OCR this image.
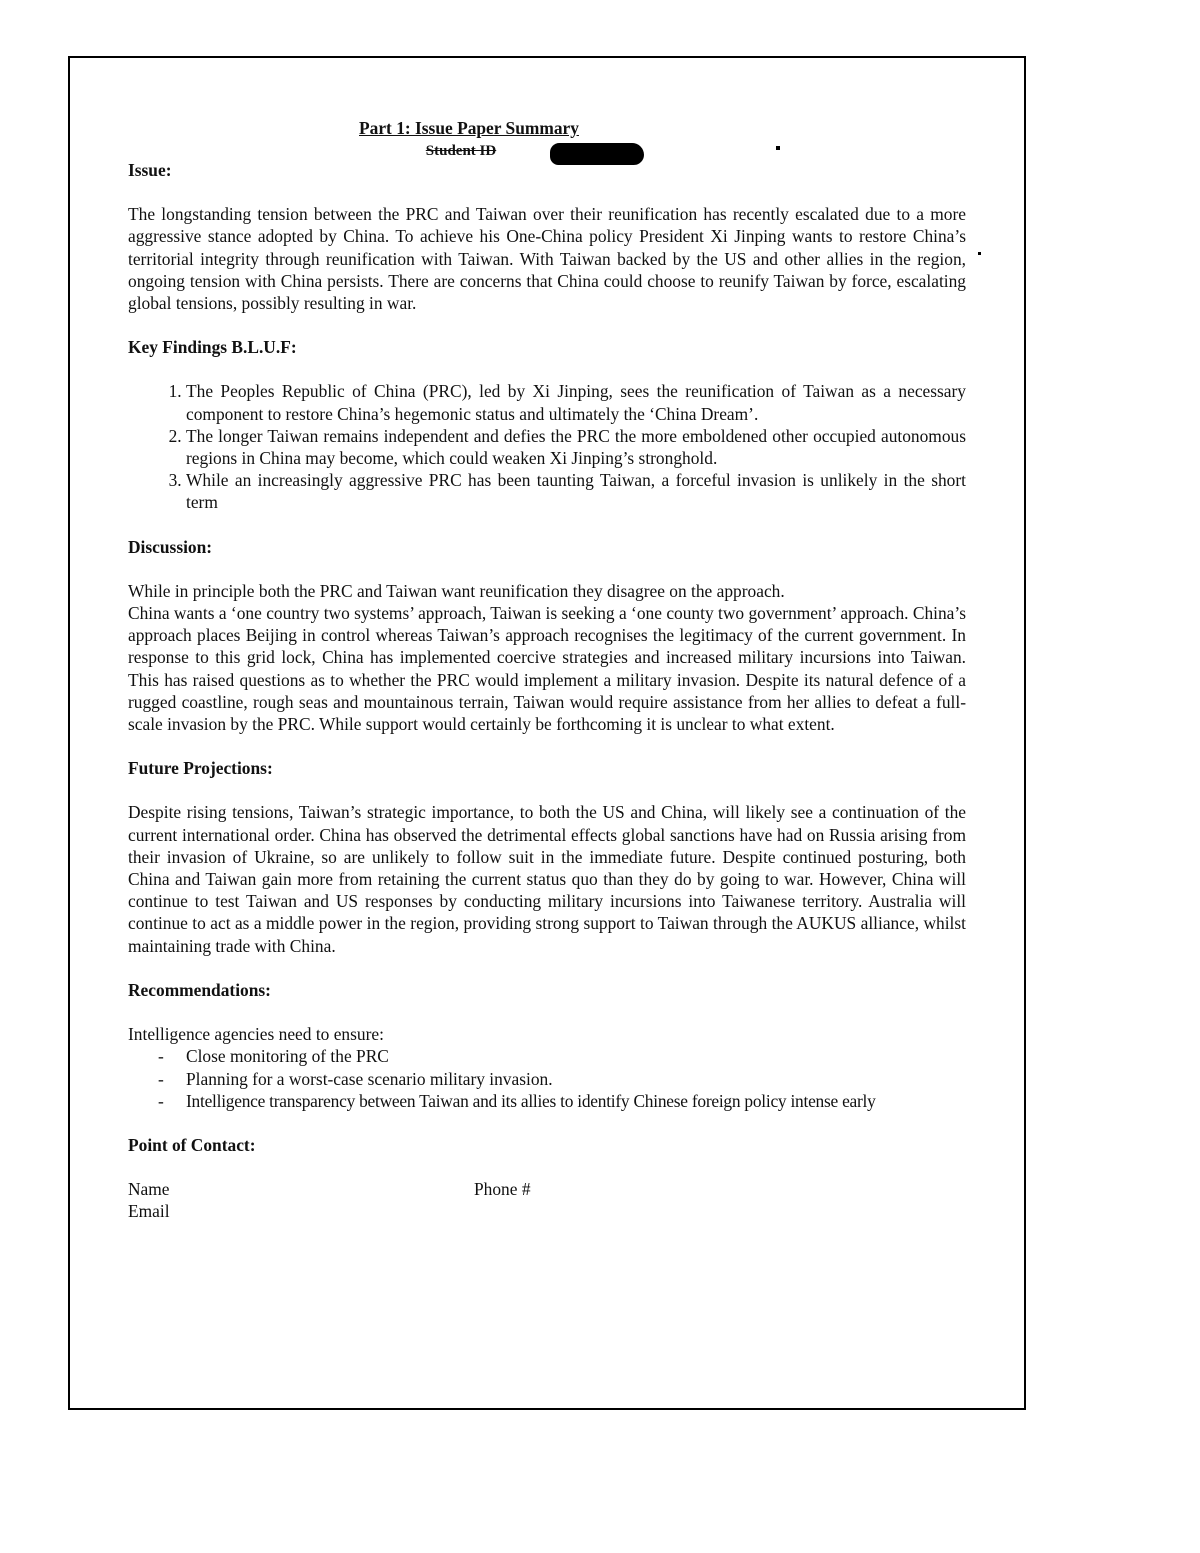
Part 1: Issue Paper Summary
Student ID
Issue:

The longstanding tension between the PRC and Taiwan over their reunification has recently escalated due to a more aggressive stance adopted by China. To achieve his One-China policy President Xi Jinping wants to restore China’s territorial integrity through reunification with Taiwan. With Taiwan backed by the US and other allies in the region, ongoing tension with China persists. There are concerns that China could choose to reunify Taiwan by force, escalating global tensions, possibly resulting in war.

Key Findings B.L.U.F:
1. The Peoples Republic of China (PRC), led by Xi Jinping, sees the reunification of Taiwan as a necessary component to restore China’s hegemonic status and ultimately the ‘China Dream’.
2. The longer Taiwan remains independent and defies the PRC the more emboldened other occupied autonomous regions in China may become, which could weaken Xi Jinping’s stronghold.
3. While an increasingly aggressive PRC has been taunting Taiwan, a forceful invasion is unlikely in the short term
Discussion:

While in principle both the PRC and Taiwan want reunification they disagree on the approach.

China wants a ‘one country two systems’ approach, Taiwan is seeking a ‘one county two government’ approach. China’s approach places Beijing in control whereas Taiwan’s approach recognises the legitimacy of the current government. In response to this grid lock, China has implemented coercive strategies and increased military incursions into Taiwan. This has raised questions as to whether the PRC would implement a military invasion. Despite its natural defence of a rugged coastline, rough seas and mountainous terrain, Taiwan would require assistance from her allies to defeat a full-scale invasion by the PRC. While support would certainly be forthcoming it is unclear to what extent.

Future Projections:

Despite rising tensions, Taiwan’s strategic importance, to both the US and China, will likely see a continuation of the current international order. China has observed the detrimental effects global sanctions have had on Russia arising from their invasion of Ukraine, so are unlikely to follow suit in the immediate future. Despite continued posturing, both China and Taiwan gain more from retaining the current status quo than they do by going to war. However, China will continue to test Taiwan and US responses by conducting military incursions into Taiwanese territory. Australia will continue to act as a middle power in the region, providing strong support to Taiwan through the AUKUS alliance, whilst maintaining trade with China.

Recommendations:

Intelligence agencies need to ensure:

- Close monitoring of the PRC
- Planning for a worst-case scenario military invasion.
- Intelligence transparency between Taiwan and its allies to identify Chinese foreign policy intense early
Point of Contact:
Name	Phone #
Email
